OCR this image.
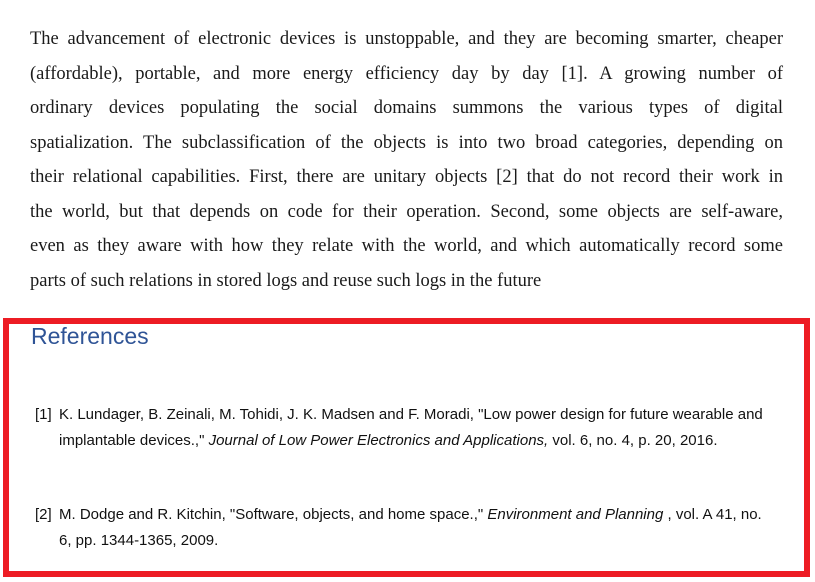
The advancement of electronic devices is unstoppable, and they are becoming smarter, cheaper
(affordable), portable, and more energy efficiency day by day [1]. A growing number of
ordinary devices populating the social domains summons the various types of digital
spatialization. The subclassification of the objects is into two broad categories, depending on
their relational capabilities. First, there are unitary objects [2] that do not record their work in
the world, but that depends on code for their operation. Second, some objects are self-aware,
even as they aware with how they relate with the world, and which automatically record some
parts of such relations in stored logs and reuse such logs in the future
References
[1] K. Lundager, B. Zeinali, M. Tohidi, J. K. Madsen and F. Moradi, "Low power design for future wearable and implantable devices.," Journal of Low Power Electronics and Applications, vol. 6, no. 4, p. 20, 2016.
[2] M. Dodge and R. Kitchin, "Software, objects, and home space.," Environment and Planning , vol. A 41, no. 6, pp. 1344-1365, 2009.
